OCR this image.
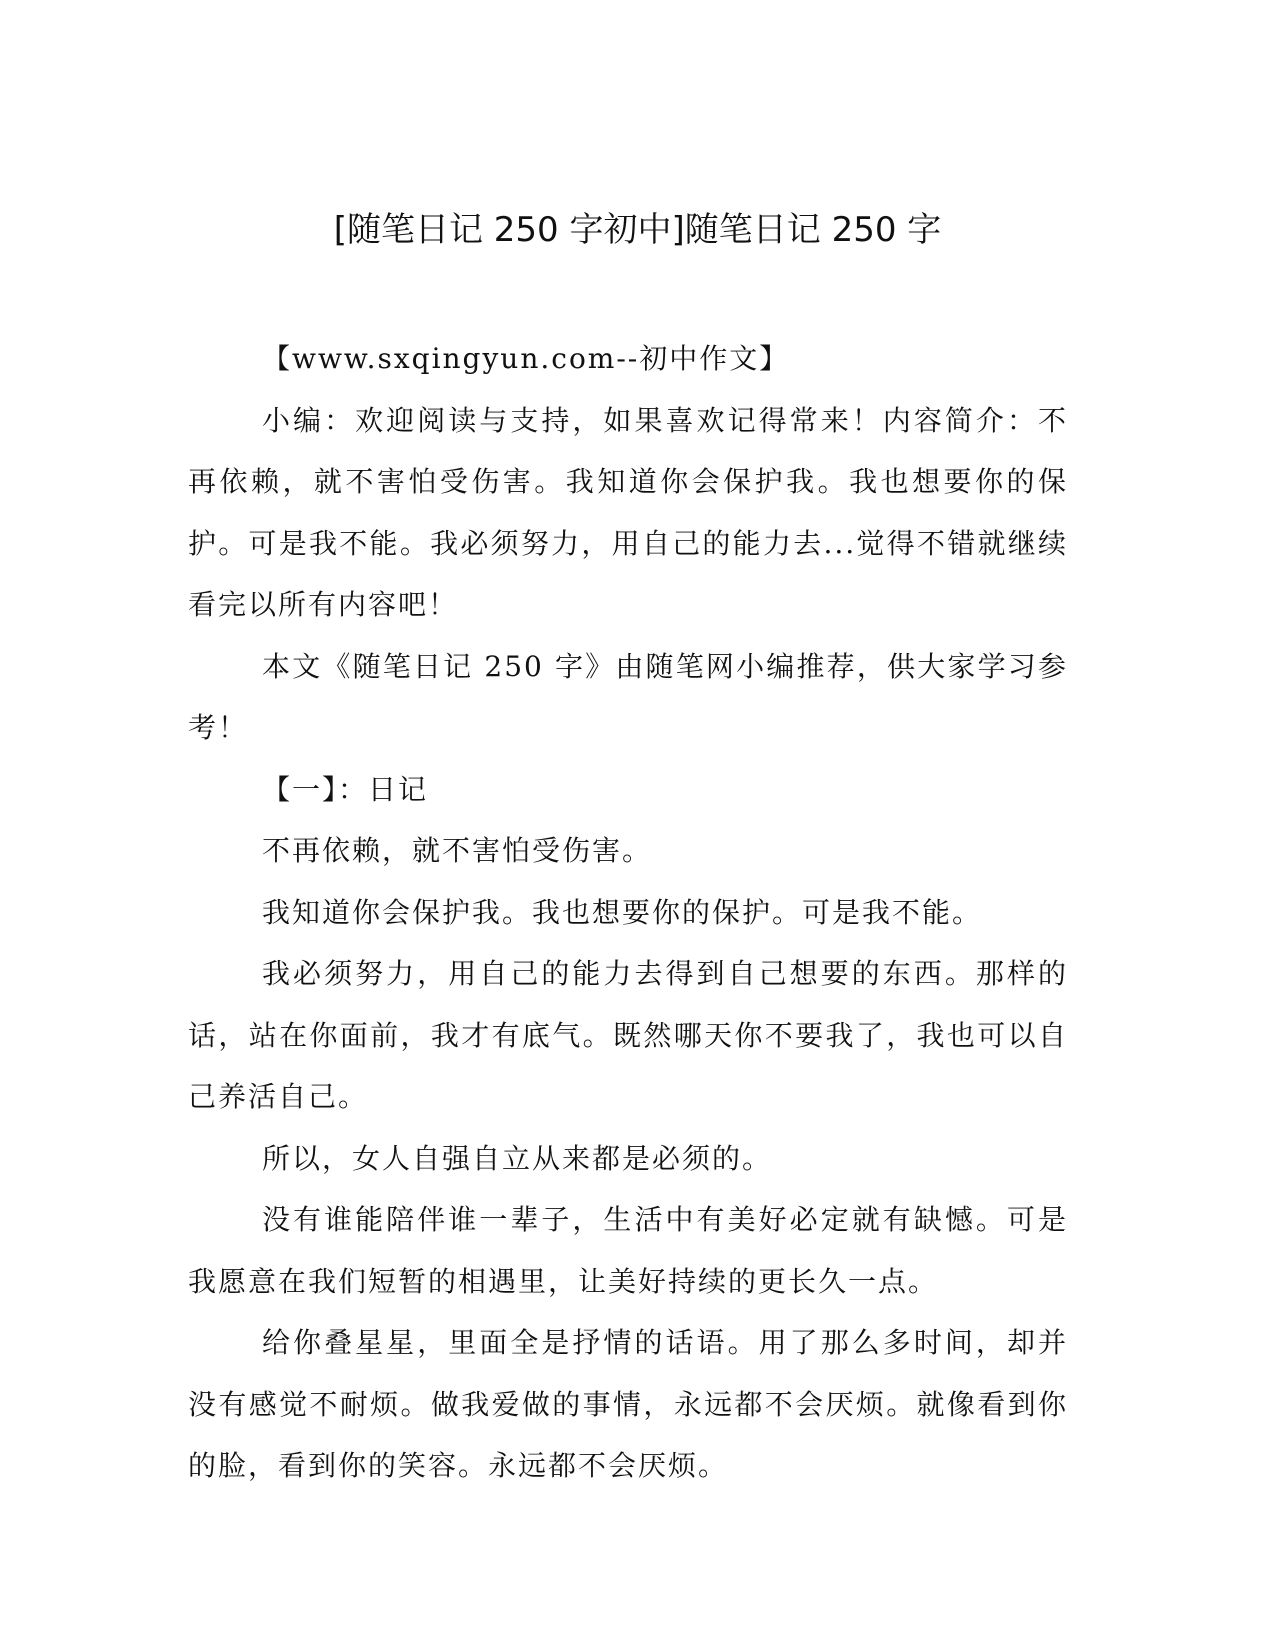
[随笔日记 250 字初中]随笔日记 250 字

【www.sxqingyun.com--初中作文】

小编：欢迎阅读与支持，如果喜欢记得常来！内容简介：不再依赖，就不害怕受伤害。我知道你会保护我。我也想要你的保护。可是我不能。我必须努力，用自己的能力去...觉得不错就继续看完以所有内容吧！

本文《随笔日记 250 字》由随笔网小编推荐，供大家学习参考！

【一】：日记

不再依赖，就不害怕受伤害。

我知道你会保护我。我也想要你的保护。可是我不能。

我必须努力，用自己的能力去得到自己想要的东西。那样的话，站在你面前，我才有底气。既然哪天你不要我了，我也可以自己养活自己。

所以，女人自强自立从来都是必须的。

没有谁能陪伴谁一辈子，生活中有美好必定就有缺憾。可是我愿意在我们短暂的相遇里，让美好持续的更长久一点。

给你叠星星，里面全是抒情的话语。用了那么多时间，却并没有感觉不耐烦。做我爱做的事情，永远都不会厌烦。就像看到你的脸，看到你的笑容。永远都不会厌烦。
